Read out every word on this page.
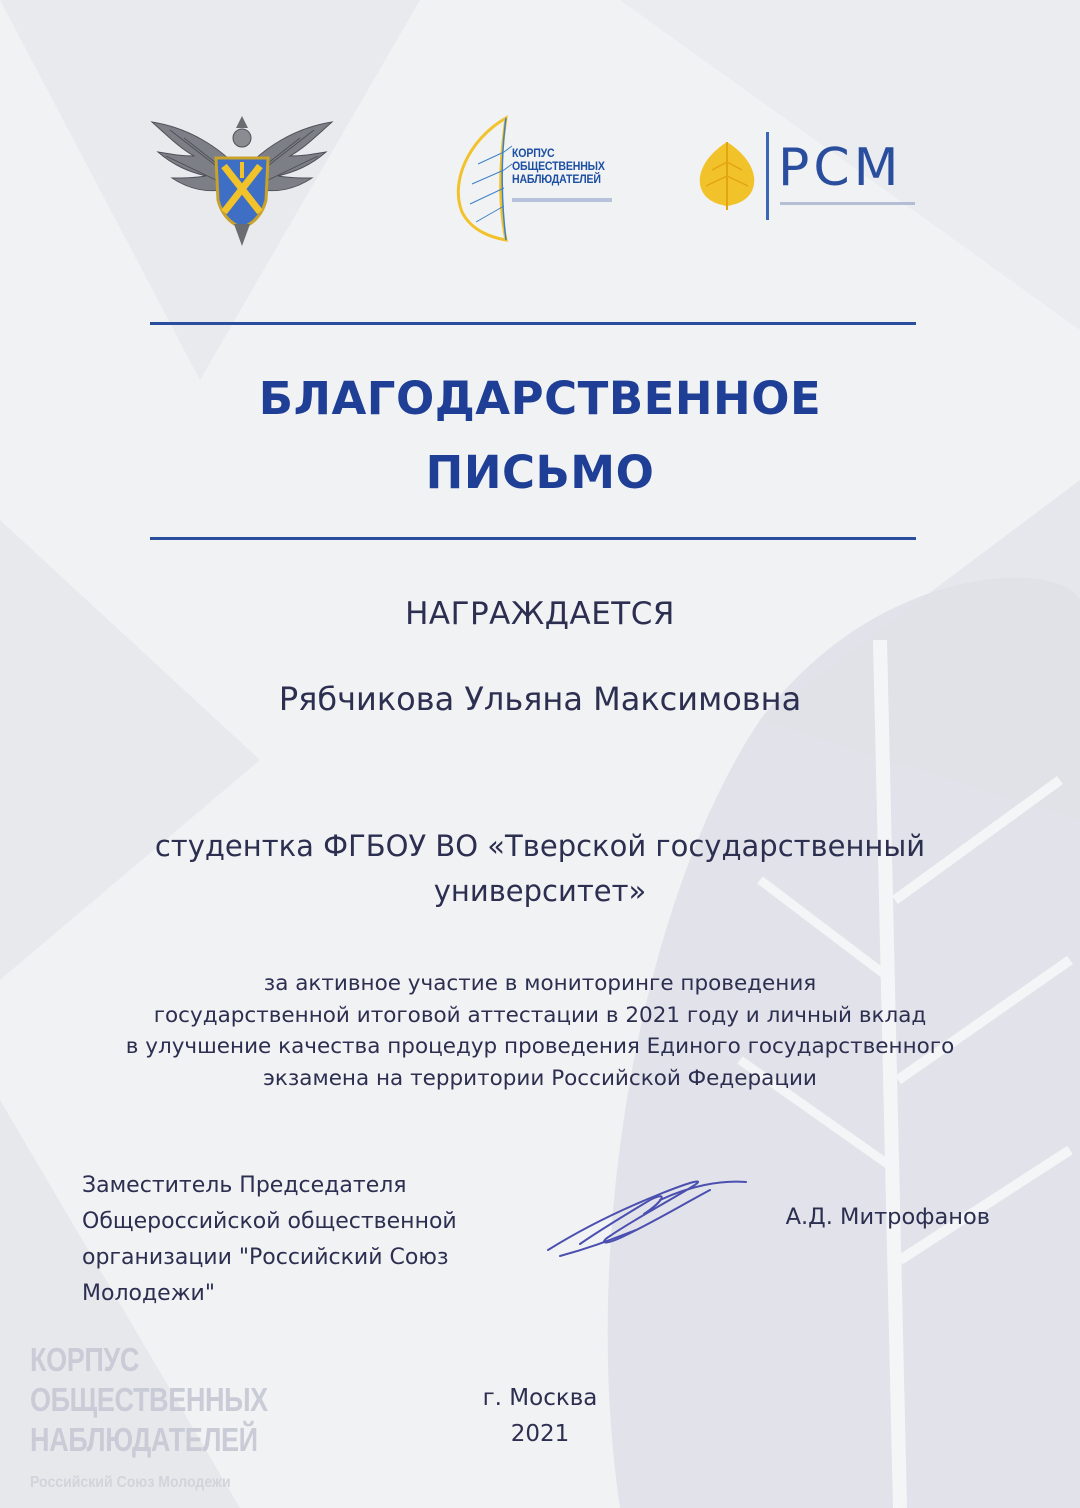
КОРПУС
ОБЩЕСТВЕННЫХ
НАБЛЮДАТЕЛЕЙ	РСМ
БЛАГОДАРСТВЕННОЕ
ПИСЬМО
НАГРАЖДАЕТСЯ
Рябчикова Ульяна Максимовна
студентка ФГБОУ ВО «Тверской государственный
университет»
за активное участие в мониторинге проведения
государственной итоговой аттестации в 2021 году и личный вклад
в улучшение качества процедур проведения Единого государственного
экзамена на территории Российской Федерации
Заместитель Председателя
Общероссийской общественной
организации "Российский Союз
Молодежи"
А.Д. Митрофанов
г. Москва
2021
КОРПУС
ОБЩЕСТВЕННЫХ
НАБЛЮДАТЕЛЕЙ
Российский Союз Молодежи
